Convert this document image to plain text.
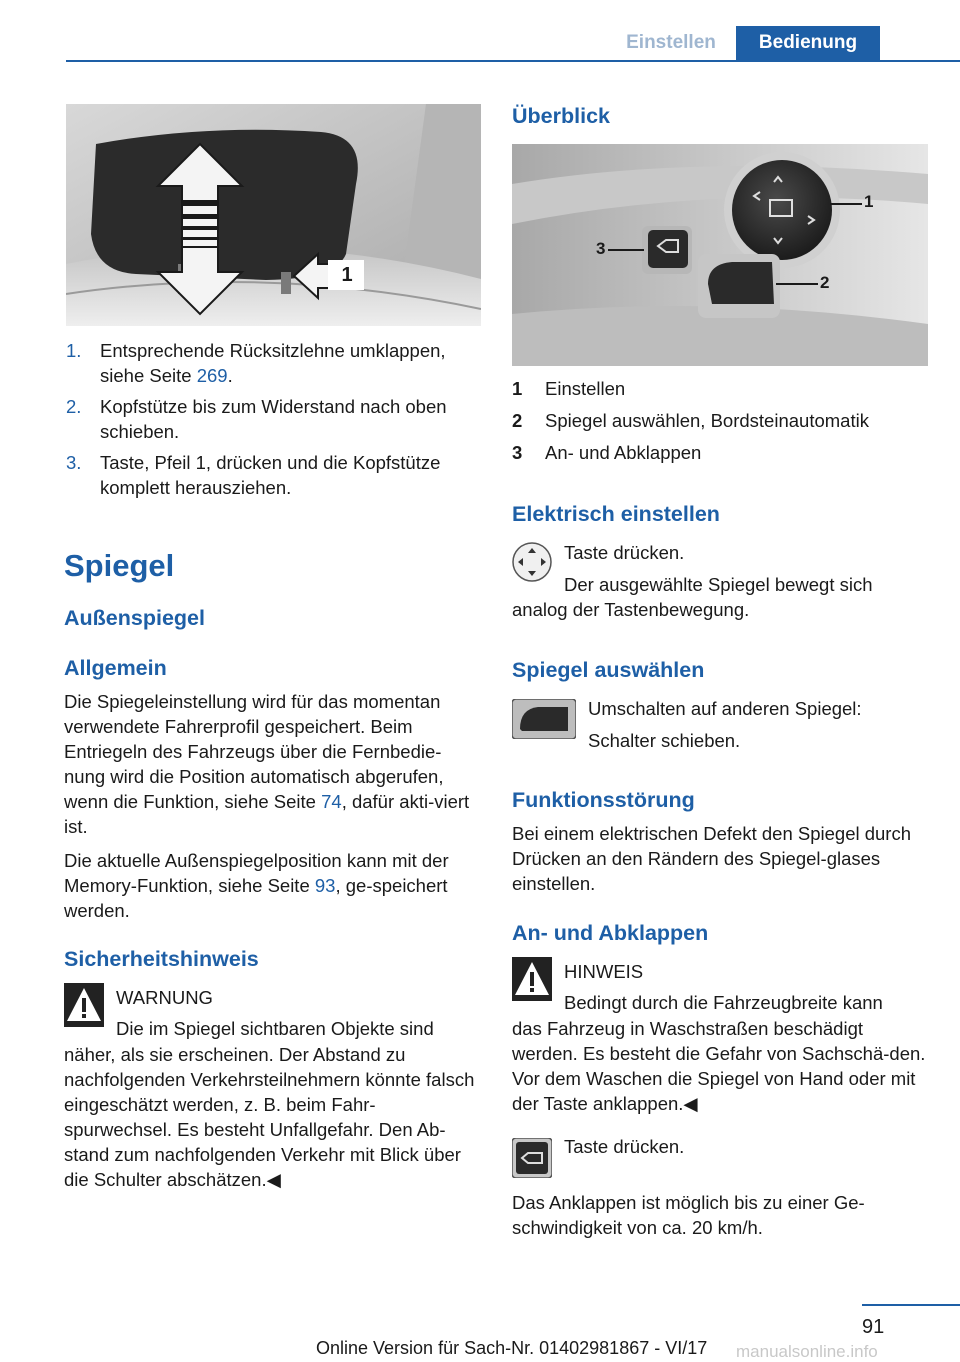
Einstellen	Bedienung
1
1.	Entsprechende Rücksitzlehne umklappen, siehe Seite 269.
2.	Kopfstütze bis zum Widerstand nach oben schieben.
3.	Taste, Pfeil 1, drücken und die Kopfstütze komplett herausziehen.
Spiegel
Außenspiegel
Allgemein
Die Spiegeleinstellung wird für das momentan verwendete Fahrerprofil gespeichert. Beim Entriegeln des Fahrzeugs über die Fernbedie‐nung wird die Position automatisch abgerufen, wenn die Funktion, siehe Seite 74, dafür akti‐viert ist.
Die aktuelle Außenspiegelposition kann mit der Memory-Funktion, siehe Seite 93, ge‐speichert werden.
Sicherheitshinweis
WARNUNG
Die im Spiegel sichtbaren Objekte sind
näher, als sie erscheinen. Der Abstand zu nachfolgenden Verkehrsteilnehmern könnte falsch eingeschätzt werden, z. B. beim Fahr‐spurwechsel. Es besteht Unfallgefahr. Den Ab‐stand zum nachfolgenden Verkehr mit Blick über die Schulter abschätzen.◀
Überblick
1
2
3
1	Einstellen
2	Spiegel auswählen, Bordsteinautomatik
3	An- und Abklappen
Elektrisch einstellen
Taste drücken.
Der ausgewählte Spiegel bewegt sich
analog der Tastenbewegung.
Spiegel auswählen
Umschalten auf anderen Spiegel:
Schalter schieben.
Funktionsstörung
Bei einem elektrischen Defekt den Spiegel durch Drücken an den Rändern des Spiegel‐glases einstellen.
An- und Abklappen
HINWEIS
Bedingt durch die Fahrzeugbreite kann
das Fahrzeug in Waschstraßen beschädigt werden. Es besteht die Gefahr von Sachschä‐den. Vor dem Waschen die Spiegel von Hand oder mit der Taste anklappen.◀
Taste drücken.
Das Anklappen ist möglich bis zu einer Ge‐schwindigkeit von ca. 20 km/h.
91
Online Version für Sach-Nr. 01402981867 - VI/17 manualsonline.info
